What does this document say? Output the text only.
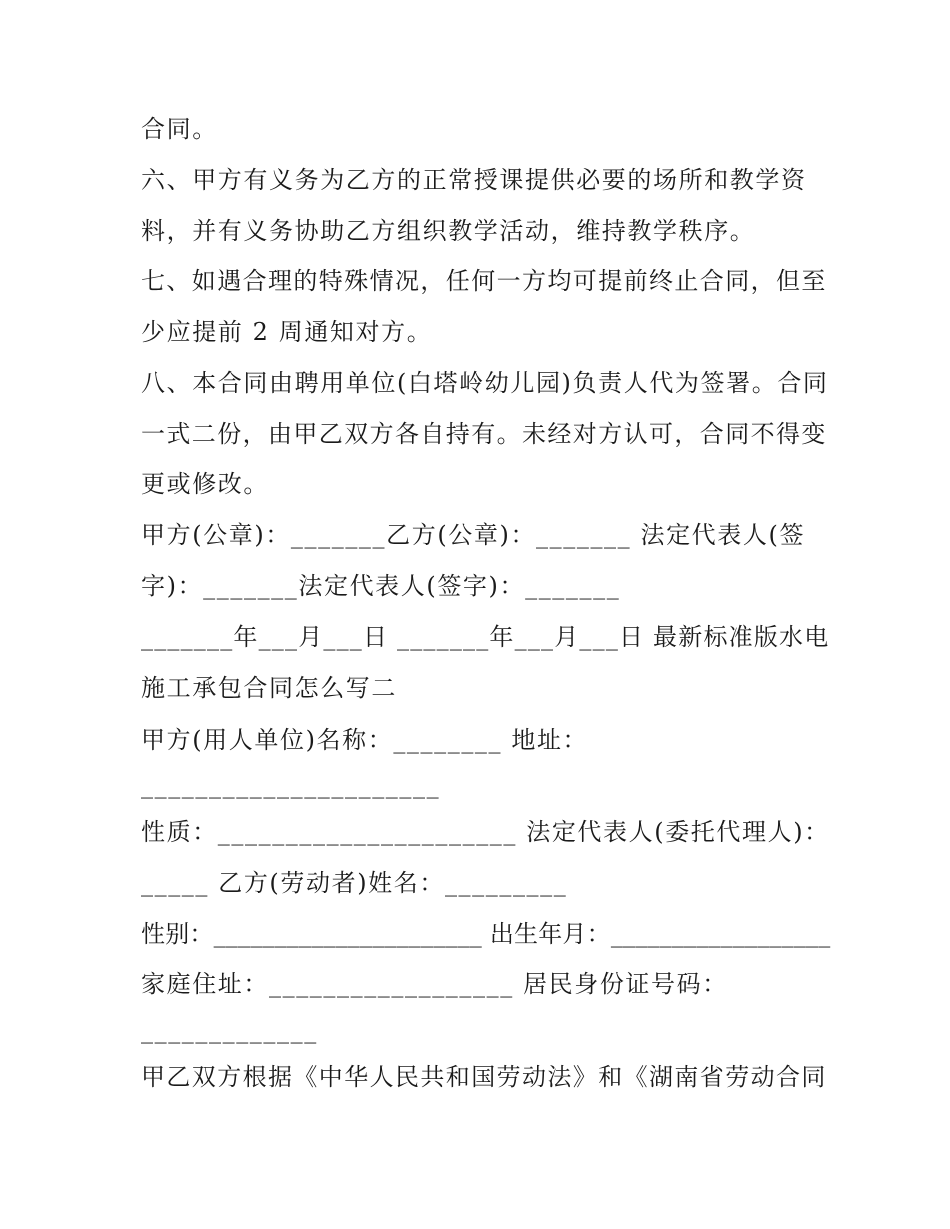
合同。
六、甲方有义务为乙方的正常授课提供必要的场所和教学资
料，并有义务协助乙方组织教学活动，维持教学秩序。
七、如遇合理的特殊情况，任何一方均可提前终止合同，但至
少应提前 2 周通知对方。
八、本合同由聘用单位(白塔岭幼儿园)负责人代为签署。合同
一式二份，由甲乙双方各自持有。未经对方认可，合同不得变
更或修改。
甲方(公章)：_______乙方(公章)：_______ 法定代表人(签
字)：_______法定代表人(签字)：_______
_______年___月___日 _______年___月___日 最新标准版水电
施工承包合同怎么写二
甲方(用人单位)名称：________ 地址：
______________________
性质：______________________ 法定代表人(委托代理人)：
_____ 乙方(劳动者)姓名：_________
性别：______________________ 出生年月：__________________
家庭住址：__________________ 居民身份证号码：
_____________
甲乙双方根据《中华人民共和国劳动法》和《湖南省劳动合同
